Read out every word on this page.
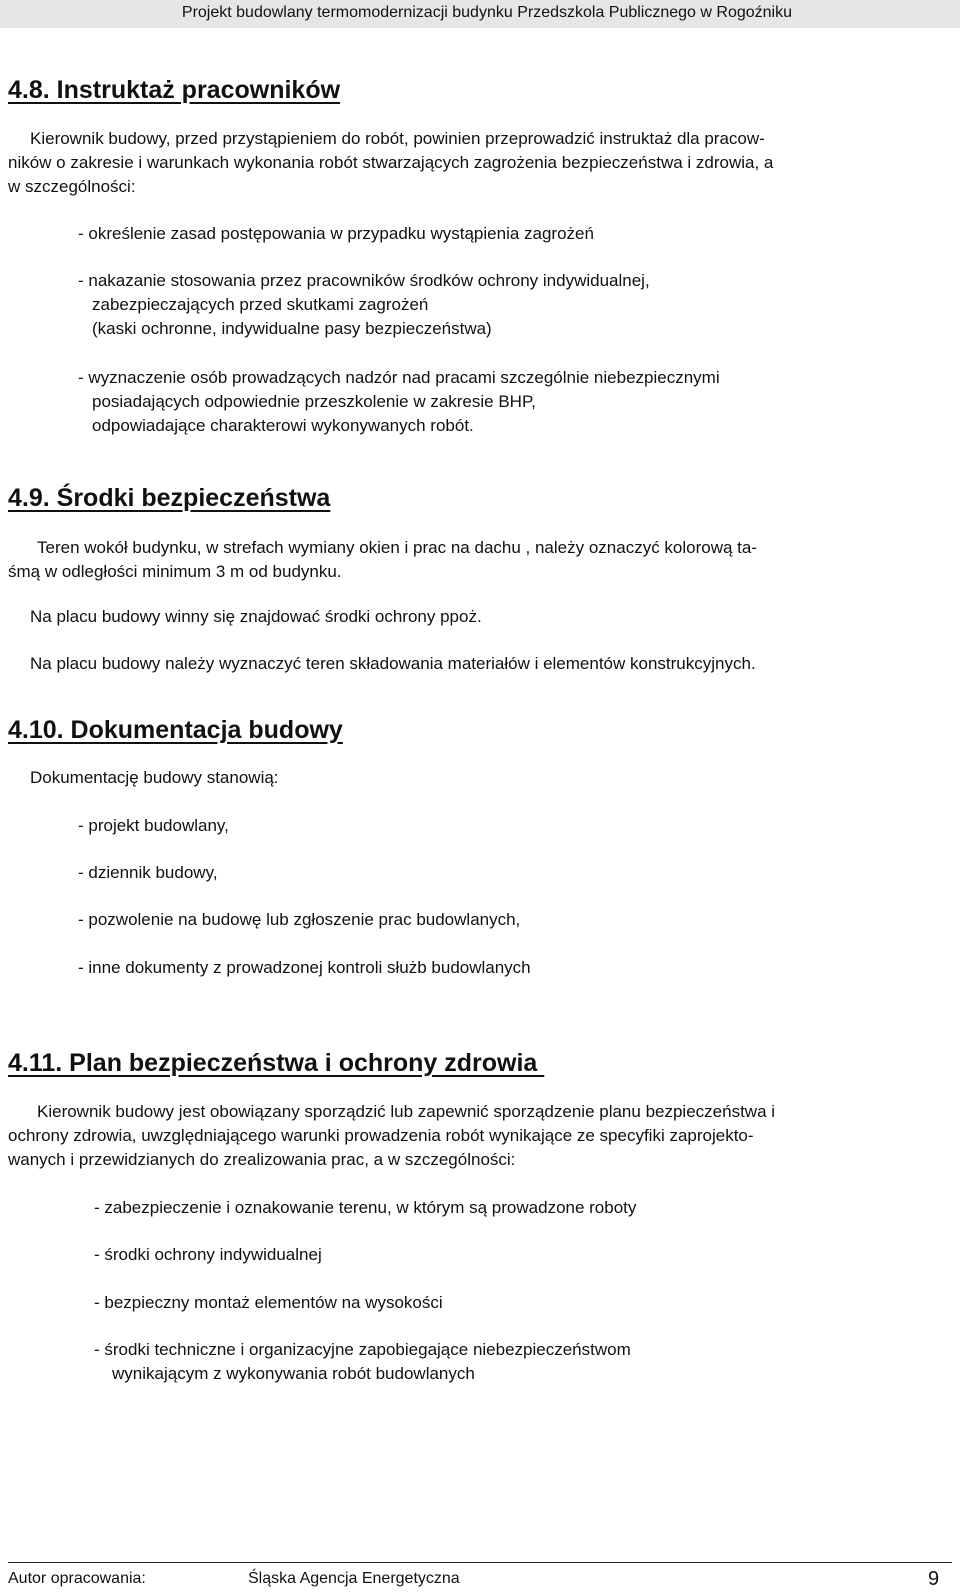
Projekt budowlany termomodernizacji budynku Przedszkola Publicznego w Rogoźniku
4.8. Instruktaż pracowników
Kierownik budowy, przed przystąpieniem do robót, powinien przeprowadzić instruktaż dla pracow-
ników o zakresie i warunkach wykonania robót stwarzających zagrożenia bezpieczeństwa i zdrowia, a
w szczególności:
- określenie zasad postępowania w przypadku wystąpienia zagrożeń
- nakazanie stosowania przez pracowników środków ochrony indywidualnej,
zabezpieczających przed skutkami zagrożeń
(kaski ochronne, indywidualne pasy bezpieczeństwa)
- wyznaczenie osób prowadzących nadzór nad pracami szczególnie niebezpiecznymi
posiadających odpowiednie przeszkolenie w zakresie BHP,
odpowiadające charakterowi wykonywanych robót.
4.9. Środki bezpieczeństwa
Teren wokół budynku, w strefach wymiany okien i prac na dachu , należy oznaczyć kolorową ta-
śmą w odległości minimum 3 m od budynku.
Na placu budowy winny się znajdować środki ochrony ppoż.
Na placu budowy należy wyznaczyć teren składowania materiałów i elementów konstrukcyjnych.
4.10. Dokumentacja budowy
Dokumentację budowy stanowią:
- projekt budowlany,
- dziennik budowy,
- pozwolenie na budowę lub zgłoszenie prac budowlanych,
- inne dokumenty z prowadzonej kontroli służb budowlanych
4.11. Plan bezpieczeństwa i ochrony zdrowia
Kierownik budowy jest obowiązany sporządzić lub zapewnić sporządzenie planu bezpieczeństwa i
ochrony zdrowia, uwzględniającego warunki prowadzenia robót wynikające ze specyfiki zaprojekto-
wanych i przewidzianych do zrealizowania prac, a w szczególności:
- zabezpieczenie i oznakowanie terenu, w którym są prowadzone roboty
- środki ochrony indywidualnej
- bezpieczny montaż elementów na wysokości
- środki techniczne i organizacyjne zapobiegające niebezpieczeństwom
wynikającym z wykonywania robót budowlanych
Autor opracowania:	Śląska Agencja Energetyczna	9
